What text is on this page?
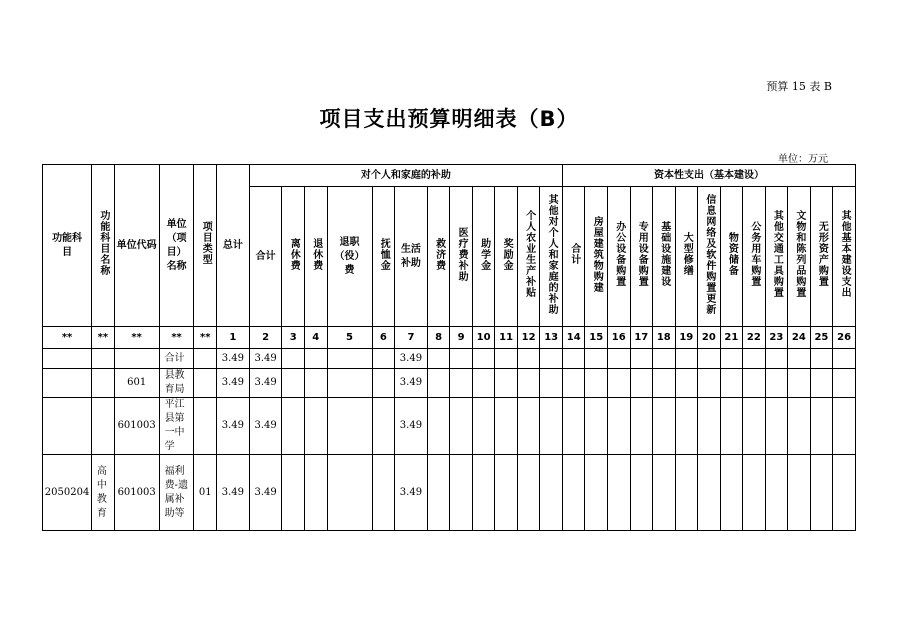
预算 15 表 B
项目支出预算明细表（B）
单位：万元
功能科目	功能科目名称	单位代码	单位（项目）名称	项目类型	总计	对个人和家庭的补助												资本性支出（基本建设）												
						合计	离休费	退休费	退职（役）费	抚恤金	生活补助	救济费	医疗费补助	助学金	奖励金	个人农业生产补贴	其他对个人和家庭的补助	合计	房屋建筑物购建	办公设备购置	专用设备购置	基础设施建设	大型修缮	信息网络及软件购置更新	物资储备	公务用车购置	其他交通工具购置	文物和陈列品购置	无形资产购置	其他基本建设支出
**	**	**	**	**	1	2	3	4	5	6	7	8	9	10	11	12	13	14	15	16	17	18	19	20	21	22	23	24	25	26
			合计		3.49	3.49					3.49																			
		601	县教育局		3.49	3.49					3.49																			
		601003	平江县第一中学		3.49	3.49					3.49																			
2050204	高中教育	601003	福利费-遗属补助等	01	3.49	3.49					3.49																			
